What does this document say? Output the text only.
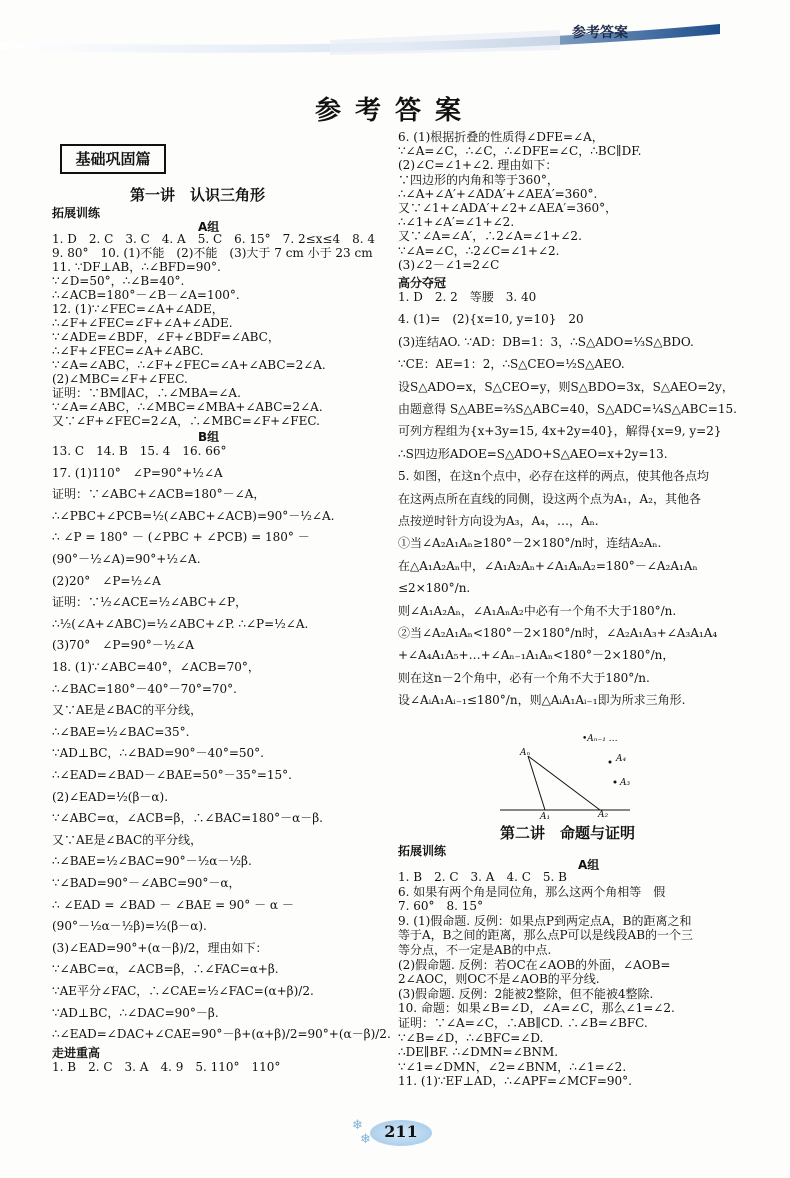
参考答案
参考答案
基础巩固篇
第一讲　认识三角形
拓展训练
A组
1. D　2. C　3. C　4. A　5. C　6. 15°　7. 2≤x≤4　8. 4
9. 80°　10. (1)不能　(2)不能　(3)大于 7 cm 小于 23 cm
11. ∵DF⊥AB，∴∠BFD=90°.
∵∠D=50°，∴∠B=40°.
∴∠ACB=180°－∠B－∠A=100°.
12. (1)∵∠FEC=∠A+∠ADE，
∴∠F+∠FEC=∠F+∠A+∠ADE.
∵∠ADE=∠BDF，∠F+∠BDF=∠ABC，
∴∠F+∠FEC=∠A+∠ABC.
∵∠A=∠ABC，∴∠F+∠FEC=∠A+∠ABC=2∠A.
(2)∠MBC=∠F+∠FEC.
证明：∵BM∥AC，∴∠MBA=∠A.
∵∠A=∠ABC，∴∠MBC=∠MBA+∠ABC=2∠A.
又∵∠F+∠FEC=2∠A，∴∠MBC=∠F+∠FEC.
B组
13. C　14. B　15. 4　16. 66°
17. (1)110°　∠P=90°+½∠A
证明：∵∠ABC+∠ACB=180°－∠A，
∴∠PBC+∠PCB=½(∠ABC+∠ACB)=90°－½∠A.
∴ ∠P = 180° － (∠PBC + ∠PCB) = 180° －
(90°－½∠A)=90°+½∠A.
(2)20°　∠P=½∠A
证明：∵½∠ACE=½∠ABC+∠P，
∴½(∠A+∠ABC)=½∠ABC+∠P. ∴∠P=½∠A.
(3)70°　∠P=90°－½∠A
18. (1)∵∠ABC=40°，∠ACB=70°，
∴∠BAC=180°－40°－70°=70°.
又∵AE是∠BAC的平分线，
∴∠BAE=½∠BAC=35°.
∵AD⊥BC，∴∠BAD=90°－40°=50°.
∴∠EAD=∠BAD－∠BAE=50°－35°=15°.
(2)∠EAD=½(β－α).
∵∠ABC=α，∠ACB=β，∴∠BAC=180°－α－β.
又∵AE是∠BAC的平分线，
∴∠BAE=½∠BAC=90°－½α－½β.
∵∠BAD=90°－∠ABC=90°－α，
∴ ∠EAD = ∠BAD － ∠BAE = 90° － α －
(90°－½α－½β)=½(β－α).
(3)∠EAD=90°+(α－β)/2，理由如下：
∵∠ABC=α，∠ACB=β，∴∠FAC=α+β.
∵AE平分∠FAC，∴∠CAE=½∠FAC=(α+β)/2.
∵AD⊥BC，∴∠DAC=90°－β.
∴∠EAD=∠DAC+∠CAE=90°－β+(α+β)/2=90°+(α－β)/2.
走进重高
1. B　2. C　3. A　4. 9　5. 110°　110°
6. (1)根据折叠的性质得∠DFE=∠A，
∵∠A=∠C，∴∠C，∴∠DFE=∠C，∴BC∥DF.
(2)∠C=∠1+∠2. 理由如下：
∵四边形的内角和等于360°，
∴∠A+∠A′+∠ADA′+∠AEA′=360°.
又∵∠1+∠ADA′+∠2+∠AEA′=360°，
∴∠1+∠A′=∠1+∠2.
又∵∠A=∠A′，∴2∠A=∠1+∠2.
∵∠A=∠C，∴2∠C=∠1+∠2.
(3)∠2－∠1=2∠C
高分夺冠
1. D　2. 2　等腰　3. 40
4. (1)=　(2){x=10, y=10}　20
(3)连结AO. ∵AD：DB=1：3，∴S△ADO=⅓S△BDO.
∵CE：AE=1：2，∴S△CEO=½S△AEO.
设S△ADO=x，S△CEO=y，则S△BDO=3x，S△AEO=2y，
由题意得 S△ABE=⅔S△ABC=40，S△ADC=¼S△ABC=15.
可列方程组为{x+3y=15, 4x+2y=40}，解得{x=9, y=2}
∴S四边形ADOE=S△ADO+S△AEO=x+2y=13.
5. 如图，在这n个点中，必存在这样的两点，使其他各点均
在这两点所在直线的同侧，设这两个点为A₁，A₂，其他各
点按逆时针方向设为A₃，A₄，…，Aₙ.
①当∠A₂A₁Aₙ≥180°－2×180°/n时，连结A₂Aₙ.
在△A₁A₂Aₙ中，∠A₁A₂Aₙ+∠A₁AₙA₂=180°－∠A₂A₁Aₙ
≤2×180°/n.
则∠A₁A₂Aₙ，∠A₁AₙA₂中必有一个角不大于180°/n.
②当∠A₂A₁Aₙ<180°－2×180°/n时，∠A₂A₁A₃+∠A₃A₁A₄
+∠A₄A₁A₅+…+∠Aₙ₋₁A₁Aₙ<180°－2×180°/n，
则在这n－2个角中，必有一个角不大于180°/n.
设∠AᵢA₁Aᵢ₋₁≤180°/n，则△AᵢA₁Aᵢ₋₁即为所求三角形.
Aₙ
•Aₙ₋₁ …
A₄
A₃
A₁	A₂
第二讲　命题与证明
拓展训练
A组
1. B　2. C　3. A　4. C　5. B
6. 如果有两个角是同位角，那么这两个角相等　假
7. 60°　8. 15°
9. (1)假命题. 反例：如果点P到两定点A，B的距离之和
等于A，B之间的距离，那么点P可以是线段AB的一个三
等分点，不一定是AB的中点.
(2)假命题. 反例：若OC在∠AOB的外面，∠AOB=
2∠AOC，则OC不是∠AOB的平分线.
(3)假命题. 反例：2能被2整除，但不能被4整除.
10. 命题：如果∠B=∠D，∠A=∠C，那么∠1=∠2.
证明：∵∠A=∠C，∴AB∥CD. ∴∠B=∠BFC.
∵∠B=∠D，∴∠BFC=∠D.
∴DE∥BF. ∴∠DMN=∠BNM.
∵∠1=∠DMN，∠2=∠BNM，∴∠1=∠2.
11. (1)∵EF⊥AD，∴∠APF=∠MCF=90°.
❄
❄ 211
